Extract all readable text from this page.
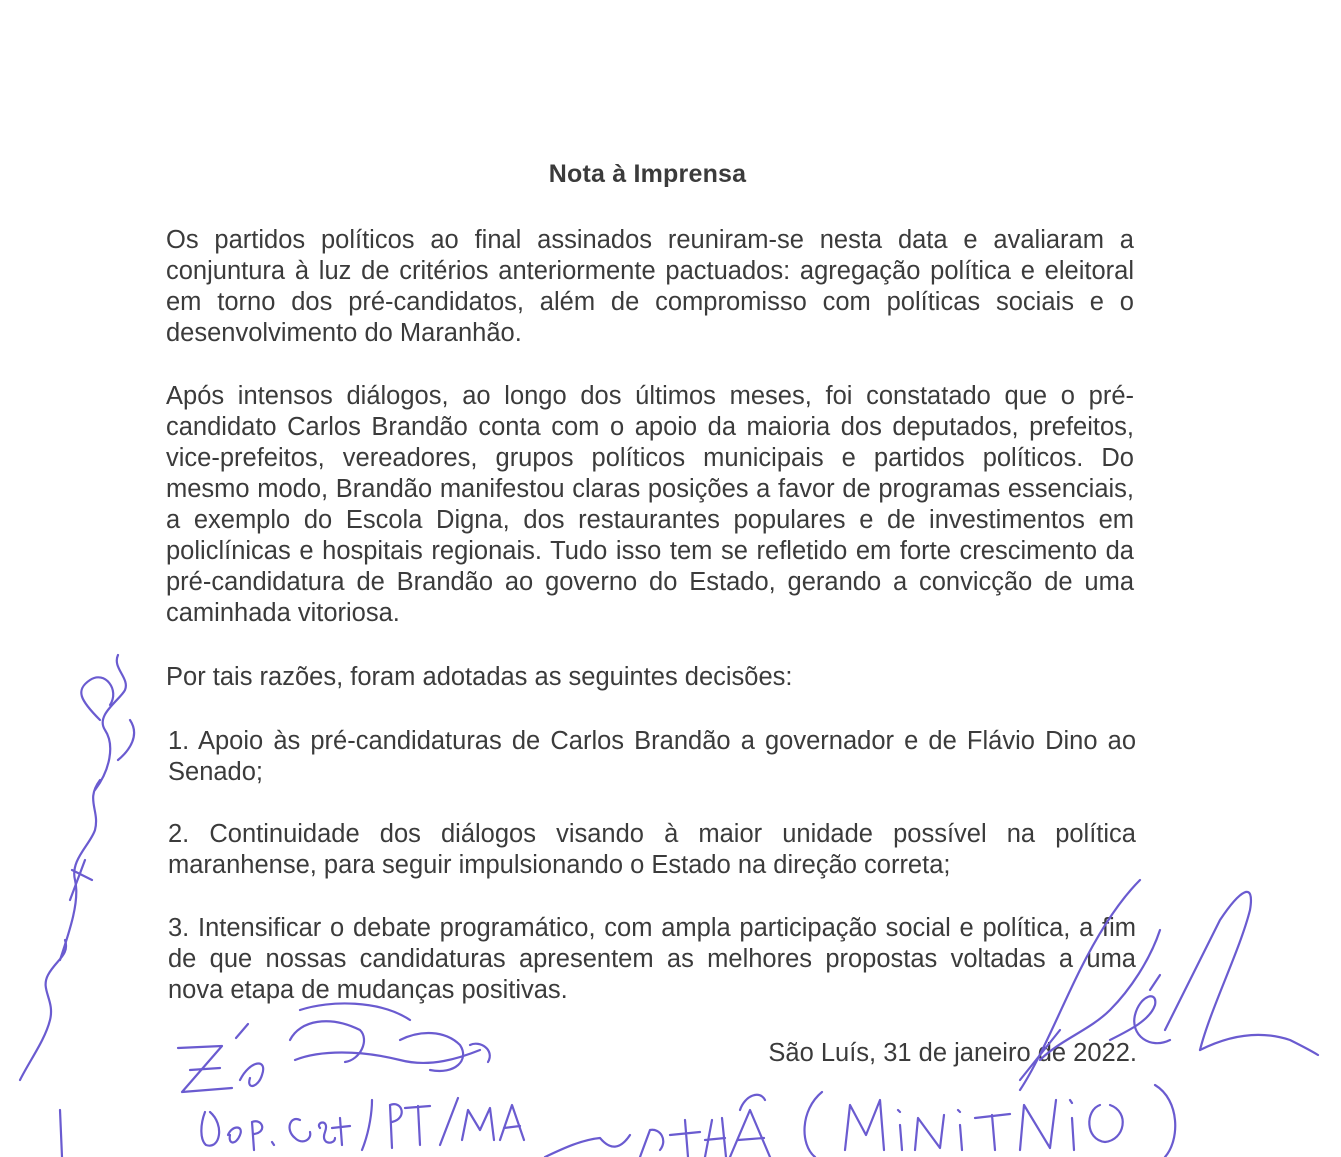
Nota à Imprensa

Os partidos políticos ao final assinados reuniram-se nesta data e avaliaram a conjuntura à luz de critérios anteriormente pactuados: agregação política e eleitoral em torno dos pré-candidatos, além de compromisso com políticas sociais e o desenvolvimento do Maranhão.

Após intensos diálogos, ao longo dos últimos meses, foi constatado que o pré-candidato Carlos Brandão conta com o apoio da maioria dos deputados, prefeitos, vice-prefeitos, vereadores, grupos políticos municipais e partidos políticos. Do mesmo modo, Brandão manifestou claras posições a favor de programas essenciais, a exemplo do Escola Digna, dos restaurantes populares e de investimentos em policlínicas e hospitais regionais. Tudo isso tem se refletido em forte crescimento da pré-candidatura de Brandão ao governo do Estado, gerando a convicção de uma caminhada vitoriosa.

Por tais razões, foram adotadas as seguintes decisões:

1. Apoio às pré-candidaturas de Carlos Brandão a governador e de Flávio Dino ao Senado;

2. Continuidade dos diálogos visando à maior unidade possível na política maranhense, para seguir impulsionando o Estado na direção correta;

3. Intensificar o debate programático, com ampla participação social e política, a fim de que nossas candidaturas apresentem as melhores propostas voltadas a uma nova etapa de mudanças positivas.

São Luís, 31 de janeiro de 2022.
